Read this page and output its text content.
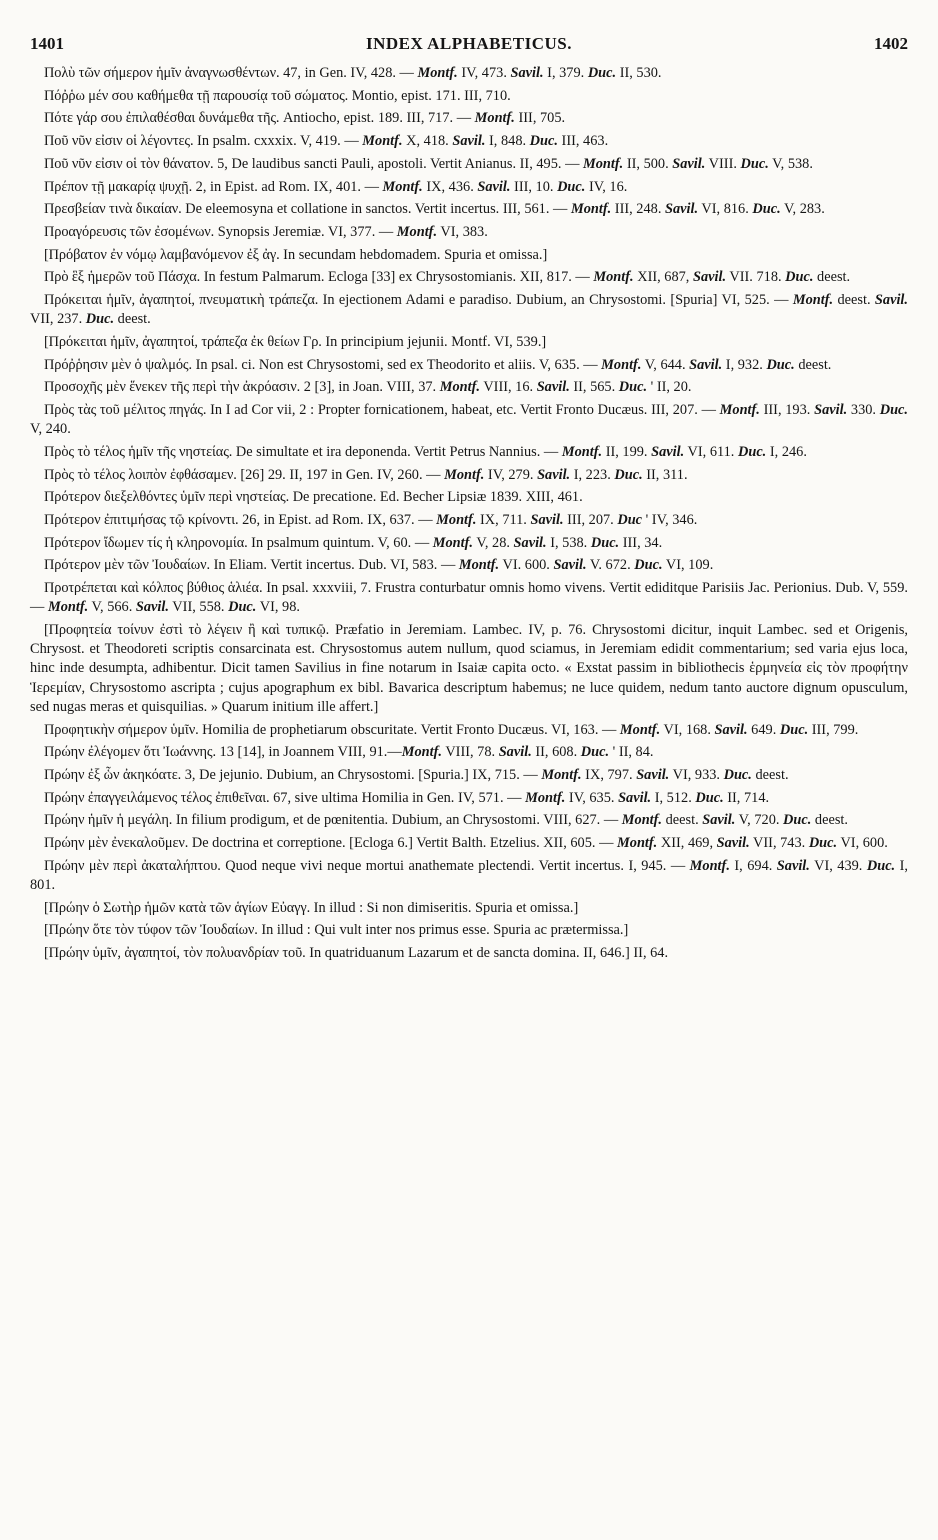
1401	INDEX ALPHABETICUS.	1402

Πολὺ τῶν σήμερον ἡμῖν ἀναγνωσθέντων. 47, in Gen. IV, 428. — Montf. IV, 473. Savil. I, 379. Duc. II, 530.

Πόῤῥω μέν σου καθήμεθα τῇ παρουσίᾳ τοῦ σώματος. Montio, epist. 171. III, 710.

Πότε γάρ σου ἐπιλαθέσθαι δυνάμεθα τῆς. Antiocho, epist. 189. III, 717. — Montf. III, 705.

Ποῦ νῦν εἰσιν οἱ λέγοντες. In psalm. cxxxix. V, 419. — Montf. X, 418. Savil. I, 848. Duc. III, 463.

Ποῦ νῦν εἰσιν οἱ τὸν θάνατον. 5, De laudibus sancti Pauli, apostoli. Vertit Anianus. II, 495. — Montf. II, 500. Savil. VIII. Duc. V, 538.

Πρέπον τῇ μακαρίᾳ ψυχῇ. 2, in Epist. ad Rom. IX, 401. — Montf. IX, 436. Savil. III, 10. Duc. IV, 16.

Πρεσβείαν τινὰ δικαίαν. De eleemosyna et collatione in sanctos. Vertit incertus. III, 561. — Montf. III, 248. Savil. VI, 816. Duc. V, 283.

Προαγόρευσις τῶν ἐσομένων. Synopsis Jeremiæ. VI, 377. — Montf. VI, 383.

[Πρόβατον ἐν νόμῳ λαμβανόμενον ἐξ ἀγ. In secundam hebdomadem. Spuria et omissa.]

Πρὸ ἓξ ἡμερῶν τοῦ Πάσχα. In festum Palmarum. Ecloga [33] ex Chrysostomianis. XII, 817. — Montf. XII, 687, Savil. VII. 718. Duc. deest.

Πρόκειται ἡμῖν, ἀγαπητοί, πνευματικὴ τράπεζα. In ejectionem Adami e paradiso. Dubium, an Chrysostomi. [Spuria] VI, 525. — Montf. deest. Savil. VII, 237. Duc. deest.

[Πρόκειται ἡμῖν, ἀγαπητοί, τράπεζα ἐκ θείων Γρ. In principium jejunii. Montf. VI, 539.]

Πρόῤῥησιν μὲν ὁ ψαλμός. In psal. ci. Non est Chrysostomi, sed ex Theodorito et aliis. V, 635. — Montf. V, 644. Savil. I, 932. Duc. deest.

Προσοχῆς μὲν ἕνεκεν τῆς περὶ τὴν ἀκρόασιν. 2 [3], in Joan. VIII, 37. Montf. VIII, 16. Savil. II, 565. Duc. ' II, 20.

Πρὸς τὰς τοῦ μέλιτος πηγάς. In I ad Cor vii, 2 : Propter fornicationem, habeat, etc. Vertit Fronto Ducæus. III, 207. — Montf. III, 193. Savil. 330. Duc. V, 240.

Πρὸς τὸ τέλος ἡμῖν τῆς νηστείας. De simultate et ira deponenda. Vertit Petrus Nannius. — Montf. II, 199. Savil. VI, 611. Duc. I, 246.

Πρὸς τὸ τέλος λοιπὸν ἐφθάσαμεν. [26] 29. II, 197 in Gen. IV, 260. — Montf. IV, 279. Savil. I, 223. Duc. II, 311.

Πρότερον διεξελθόντες ὑμῖν περὶ νηστείας. De precatione. Ed. Becher Lipsiæ 1839. XIII, 461.

Πρότερον ἐπιτιμήσας τῷ κρίνοντι. 26, in Epist. ad Rom. IX, 637. — Montf. IX, 711. Savil. III, 207. Duc ' IV, 346.

Πρότερον ἴδωμεν τίς ἡ κληρονομία. In psalmum quintum. V, 60. — Montf. V, 28. Savil. I, 538. Duc. III, 34.

Πρότερον μὲν τῶν Ἰουδαίων. In Eliam. Vertit incertus. Dub. VI, 583. — Montf. VI. 600. Savil. V. 672. Duc. VI, 109.

Προτρέπεται καὶ κόλπος βύθιος ἁλιέα. In psal. xxxviii, 7. Frustra conturbatur omnis homo vivens. Vertit ediditque Parisiis Jac. Perionius. Dub. V, 559. — Montf. V, 566. Savil. VII, 558. Duc. VI, 98.

[Προφητεία τοίνυν ἐστὶ τὸ λέγειν ἢ καὶ τυπικῷ. Præfatio in Jeremiam. Lambec. IV, p. 76. Chrysostomi dicitur, inquit Lambec. sed et Origenis, Chrysost. et Theodoreti scriptis consarcinata est. Chrysostomus autem nullum, quod sciamus, in Jeremiam edidit commentarium; sed varia ejus loca, hinc inde desumpta, adhibentur. Dicit tamen Savilius in fine notarum in Isaiæ capita octo. « Exstat passim in bibliothecis ἑρμηνεία εἰς τὸν προφήτην Ἱερεμίαν, Chrysostomo ascripta ; cujus apographum ex bibl. Bavarica descriptum habemus; ne luce quidem, nedum tanto auctore dignum opusculum, sed nugas meras et quisquilias. » Quarum initium ille affert.]

Προφητικὴν σήμερον ὑμῖν. Homilia de prophetiarum obscuritate. Vertit Fronto Ducæus. VI, 163. — Montf. VI, 168. Savil. 649. Duc. III, 799.

Πρώην ἐλέγομεν ὅτι Ἰωάννης. 13 [14], in Joannem VIII, 91.—Montf. VIII, 78. Savil. II, 608. Duc. ' II, 84.

Πρώην ἐξ ὧν ἀκηκόατε. 3, De jejunio. Dubium, an Chrysostomi. [Spuria.] IX, 715. — Montf. IX, 797. Savil. VI, 933. Duc. deest.

Πρώην ἐπαγγειλάμενος τέλος ἐπιθεῖναι. 67, sive ultima Homilia in Gen. IV, 571. — Montf. IV, 635. Savil. I, 512. Duc. II, 714.

Πρώην ἡμῖν ἡ μεγάλη. In filium prodigum, et de pœnitentia. Dubium, an Chrysostomi. VIII, 627. — Montf. deest. Savil. V, 720. Duc. deest.

Πρώην μὲν ἐνεκαλοῦμεν. De doctrina et correptione. [Ecloga 6.] Vertit Balth. Etzelius. XII, 605. — Montf. XII, 469, Savil. VII, 743. Duc. VI, 600.

Πρώην μὲν περὶ ἀκαταλήπτου. Quod neque vivi neque mortui anathemate plectendi. Vertit incertus. I, 945. — Montf. I, 694. Savil. VI, 439. Duc. I, 801.

[Πρώην ὁ Σωτὴρ ἡμῶν κατὰ τῶν ἁγίων Εὐαγγ. In illud : Si non dimiseritis. Spuria et omissa.]

[Πρώην ὅτε τὸν τύφον τῶν Ἰουδαίων. In illud : Qui vult inter nos primus esse. Spuria ac prætermissa.]

[Πρώην ὑμῖν, ἀγαπητοί, τὸν πολυανδρίαν τοῦ. In quatriduanum Lazarum et de sancta domina. II, 646.] II, 64.
